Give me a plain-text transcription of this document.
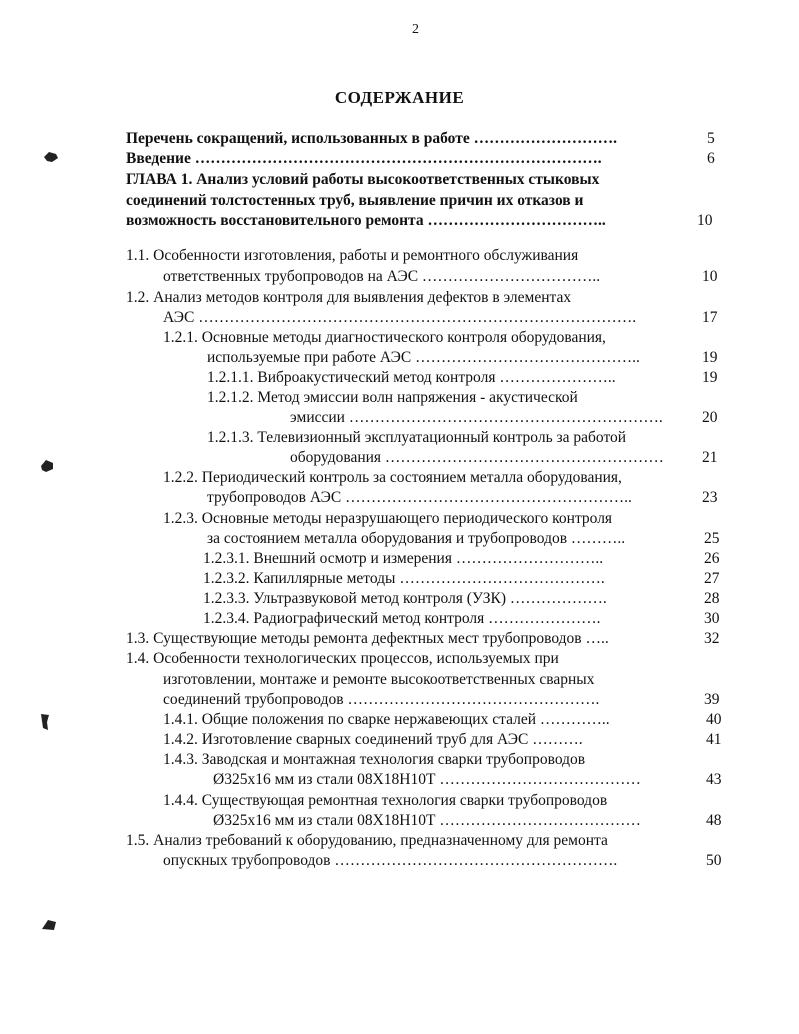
2
СОДЕРЖАНИЕ
Перечень сокращений, использованных в работе ……………………….	5
Введение …………………………………………………………………….	6
ГЛАВА 1. Анализ условий работы высокоответственных стыковых
соединений толстостенных труб, выявление причин их отказов и
возможность восстановительного ремонта ……………………………..	10
1.1. Особенности изготовления, работы и ремонтного обслуживания
ответственных трубопроводов на АЭС ……………………………..	10
1.2. Анализ методов контроля для выявления дефектов в элементах
АЭС ………………………………………………………………………….	17
1.2.1. Основные методы диагностического контроля оборудования,
используемые при работе АЭС ……………………………………..	19
1.2.1.1. Виброакустический метод контроля …………………..	19
1.2.1.2. Метод эмиссии волн напряжения - акустической
эмиссии …………………………………………………….	20
1.2.1.3. Телевизионный эксплуатационный контроль за работой
оборудования ……………………………………………… 21
1.2.2. Периодический контроль за состоянием металла оборудования,
трубопроводов АЭС ………………………………………………..	23
1.2.3. Основные методы неразрушающего периодического контроля
за состоянием металла оборудования и трубопроводов ………..	25
1.2.3.1. Внешний осмотр и измерения ………………………..	26
1.2.3.2. Капиллярные методы ………………………………….	27
1.2.3.3. Ультразвуковой метод контроля (УЗК) ……………….	28
1.2.3.4. Радиографический метод контроля ………………….	30
1.3. Существующие методы ремонта дефектных мест трубопроводов …..	32
1.4. Особенности технологических процессов, используемых при
изготовлении, монтаже и ремонте высокоответственных сварных
соединений трубопроводов ………………………………………….	39
1.4.1. Общие положения по сварке нержавеющих сталей …………..	40
1.4.2. Изготовление сварных соединений труб для АЭС ……….	41
1.4.3. Заводская и монтажная технология сварки трубопроводов
Ø325х16 мм из стали 08Х18Н10Т …………………………………	43
1.4.4. Существующая ремонтная технология сварки трубопроводов
Ø325х16 мм из стали 08Х18Н10Т …………………………………	48
1.5. Анализ требований к оборудованию, предназначенному для ремонта
опускных трубопроводов ……………………………………………….	50
